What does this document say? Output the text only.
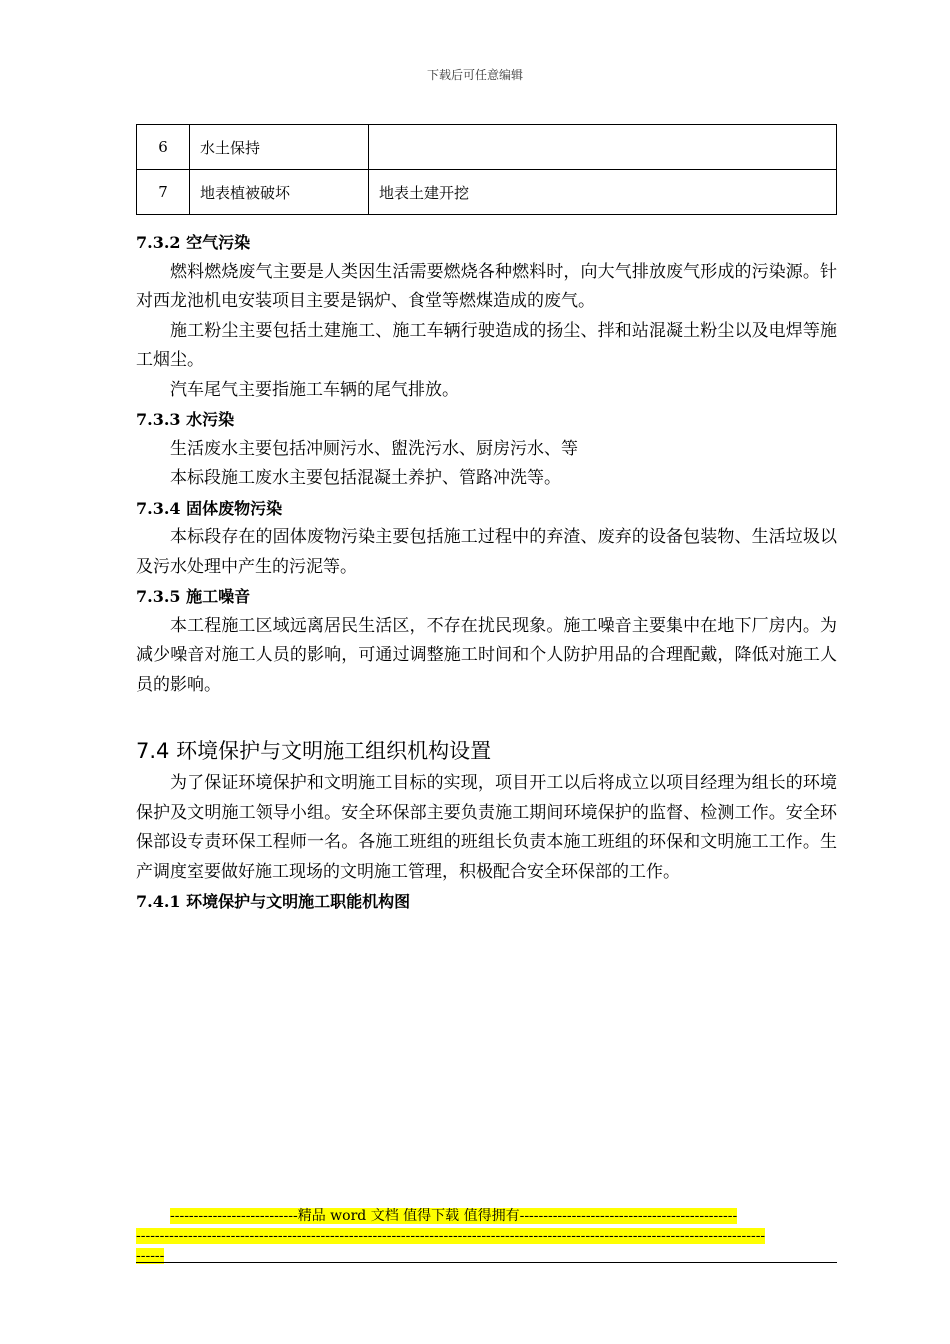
下载后可任意编辑
6	水土保持	
7	地表植被破坏	地表土建开挖

7.3.2 空气污染

燃料燃烧废气主要是人类因生活需要燃烧各种燃料时，向大气排放废气形成的污染源。针对西龙池机电安装项目主要是锅炉、食堂等燃煤造成的废气。

施工粉尘主要包括土建施工、施工车辆行驶造成的扬尘、拌和站混凝土粉尘以及电焊等施工烟尘。

汽车尾气主要指施工车辆的尾气排放。

7.3.3 水污染

生活废水主要包括冲厕污水、盥洗污水、厨房污水、等

本标段施工废水主要包括混凝土养护、管路冲洗等。

7.3.4 固体废物污染

本标段存在的固体废物污染主要包括施工过程中的弃渣、废弃的设备包装物、生活垃圾以及污水处理中产生的污泥等。

7.3.5 施工噪音

本工程施工区域远离居民生活区，不存在扰民现象。施工噪音主要集中在地下厂房内。为减少噪音对施工人员的影响，可通过调整施工时间和个人防护用品的合理配戴，降低对施工人员的影响。

7.4 环境保护与文明施工组织机构设置

为了保证环境保护和文明施工目标的实现，项目开工以后将成立以项目经理为组长的环境保护及文明施工领导小组。安全环保部主要负责施工期间环境保护的监督、检测工作。安全环保部设专责环保工程师一名。各施工班组的班组长负责本施工班组的环保和文明施工工作。生产调度室要做好施工现场的文明施工管理，积极配合安全环保部的工作。

7.4.1 环境保护与文明施工职能机构图

---------------------------精品 word 文档 值得下载 值得拥有----------------------------------------------
-------------------------------------------------------------------------------------------------------------------------------------
------
